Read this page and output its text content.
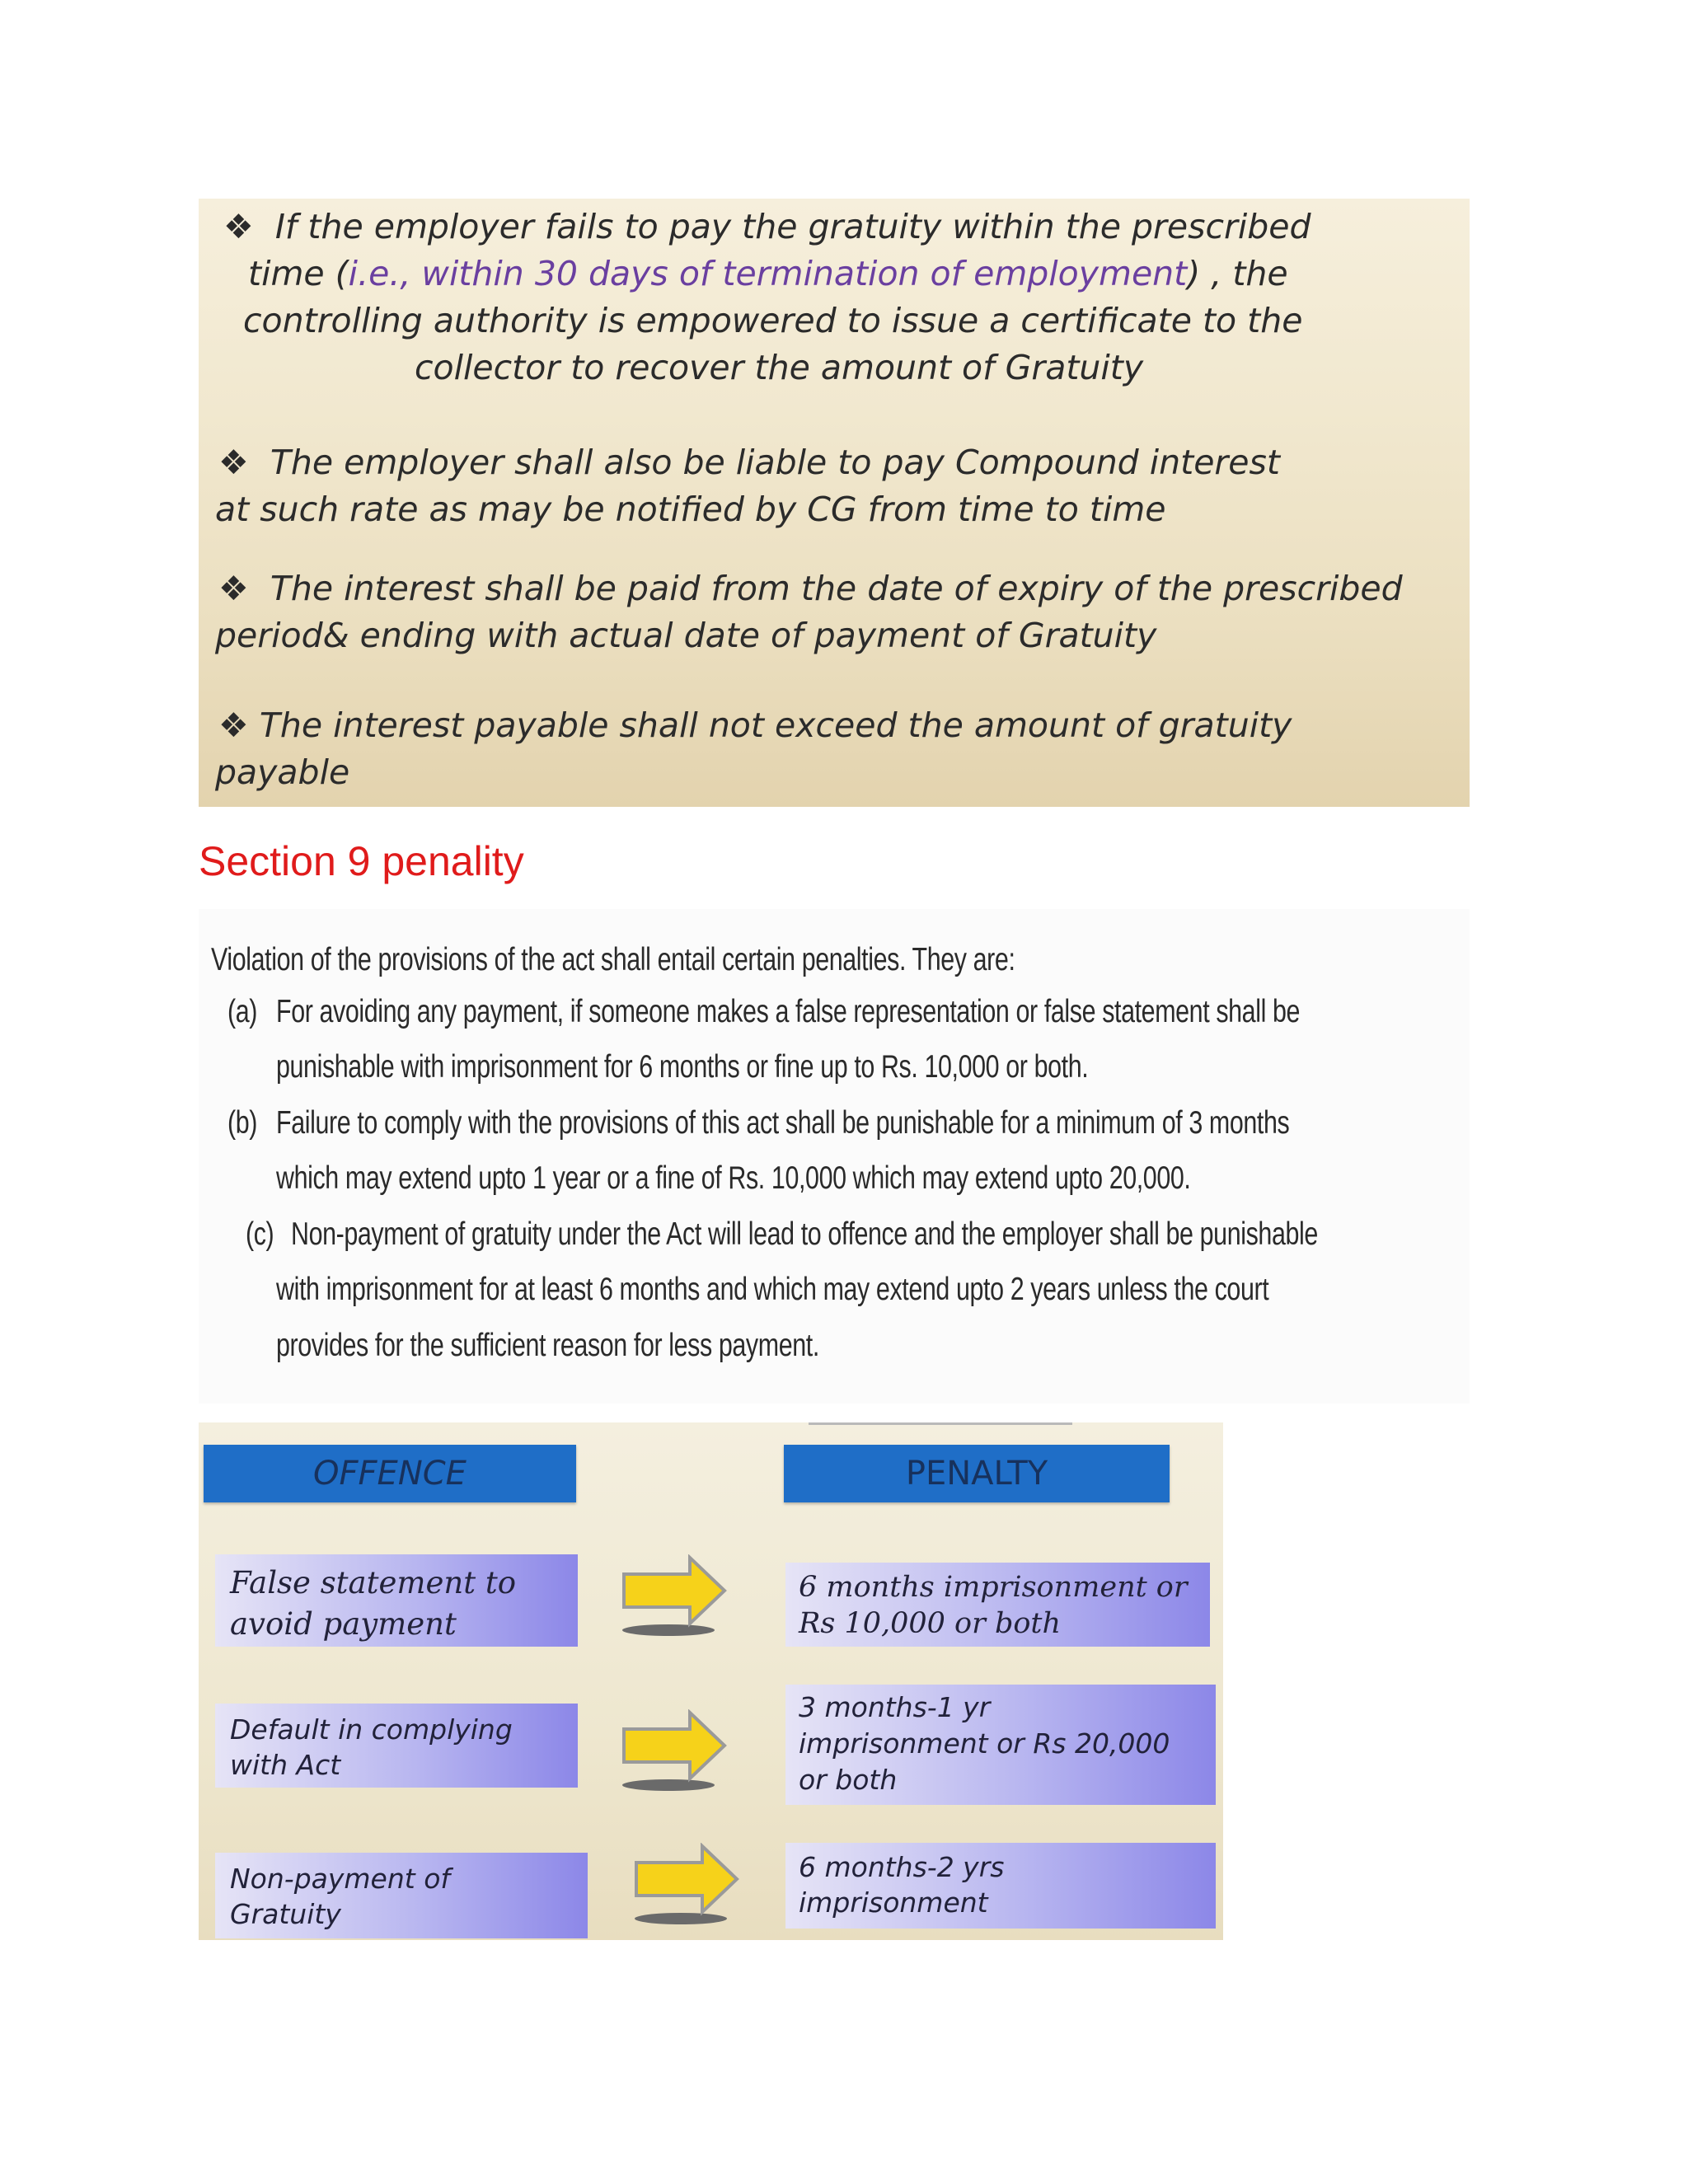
❖ If the employer fails to pay the gratuity within the prescribed
time (i.e., within 30 days of termination of employment) , the
controlling authority is empowered to issue a certificate to the
collector to recover the amount of Gratuity
❖ The employer shall also be liable to pay Compound interest
at such rate as may be notified by CG from time to time
❖ The interest shall be paid from the date of expiry of the prescribed
period& ending with actual date of payment of Gratuity
❖ The interest payable shall not exceed the amount of gratuity
payable
Section 9 penality
Violation of the provisions of the act shall entail certain penalties. They are:
(a) For avoiding any payment, if someone makes a false representation or false statement shall be
punishable with imprisonment for 6 months or fine up to Rs. 10,000 or both.
(b) Failure to comply with the provisions of this act shall be punishable for a minimum of 3 months
which may extend upto 1 year or a fine of Rs. 10,000 which may extend upto 20,000.
(c) Non-payment of gratuity under the Act will lead to offence and the employer shall be punishable
with imprisonment for at least 6 months and which may extend upto 2 years unless the court
provides for the sufficient reason for less payment.
OFFENCE	PENALTY
False statement to
avoid payment
6 months imprisonment or
Rs 10,000 or both
Default in complying
with Act
3 months-1 yr
imprisonment or Rs 20,000
or both
Non-payment of
Gratuity
6 months-2 yrs
imprisonment
